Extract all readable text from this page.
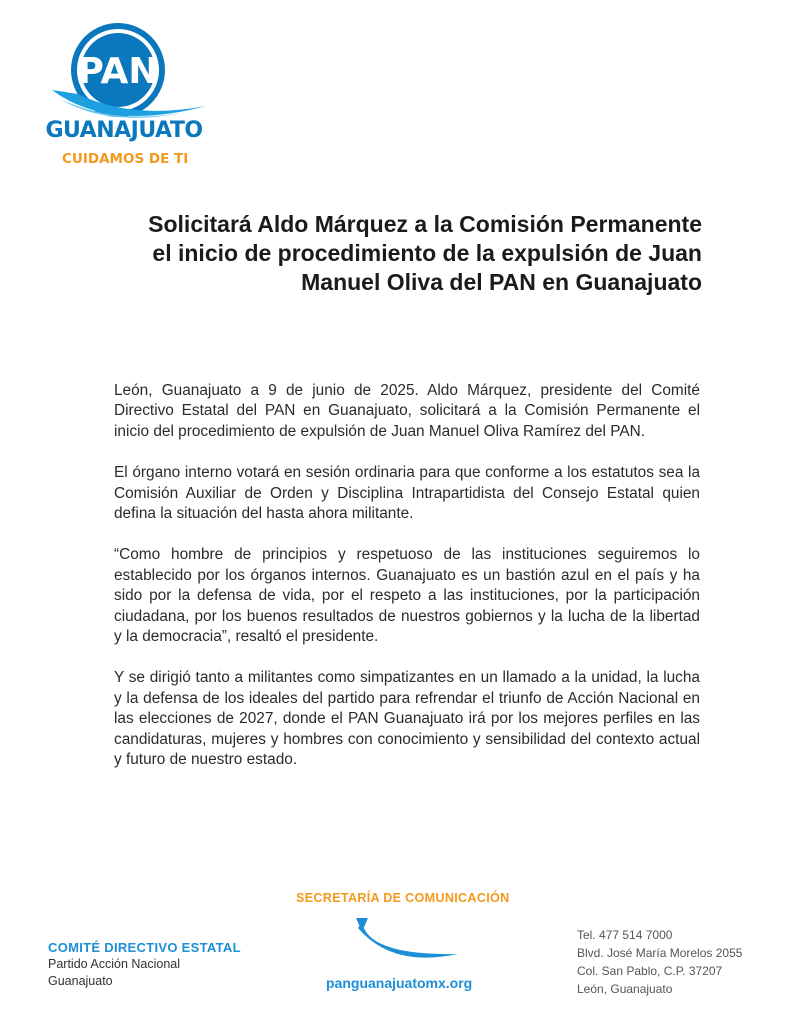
PAN
GUANAJUATO
CUIDAMOS DE TI
Solicitará Aldo Márquez a la Comisión Permanente
el inicio de procedimiento de la expulsión de Juan
Manuel Oliva del PAN en Guanajuato

León, Guanajuato a 9 de junio de 2025. Aldo Márquez, presidente del Comité Directivo Estatal del PAN en Guanajuato, solicitará a la Comisión Permanente el inicio del procedimiento de expulsión de Juan Manuel Oliva Ramírez del PAN.

El órgano interno votará en sesión ordinaria para que conforme a los estatutos sea la Comisión Auxiliar de Orden y Disciplina Intrapartidista del Consejo Estatal quien defina la situación del hasta ahora militante.

“Como hombre de principios y respetuoso de las instituciones seguiremos lo establecido por los órganos internos. Guanajuato es un bastión azul en el país y ha sido por la defensa de vida, por el respeto a las instituciones, por la participación ciudadana, por los buenos resultados de nuestros gobiernos y la lucha de la libertad y la democracia”, resaltó el presidente.

Y se dirigió tanto a militantes como simpatizantes en un llamado a la unidad, la lucha y la defensa de los ideales del partido para refrendar el triunfo de Acción Nacional en las elecciones de 2027, donde el PAN Guanajuato irá por los mejores perfiles en las candidaturas, mujeres y hombres con conocimiento y sensibilidad del contexto actual y futuro de nuestro estado.

SECRETARÍA DE COMUNICACIÓN
panguanajuatomx.org
COMITÉ DIRECTIVO ESTATAL
Partido Acción Nacional
Guanajuato
Tel. 477 514 7000
Blvd. José María Morelos 2055
Col. San Pablo, C.P. 37207
León, Guanajuato
